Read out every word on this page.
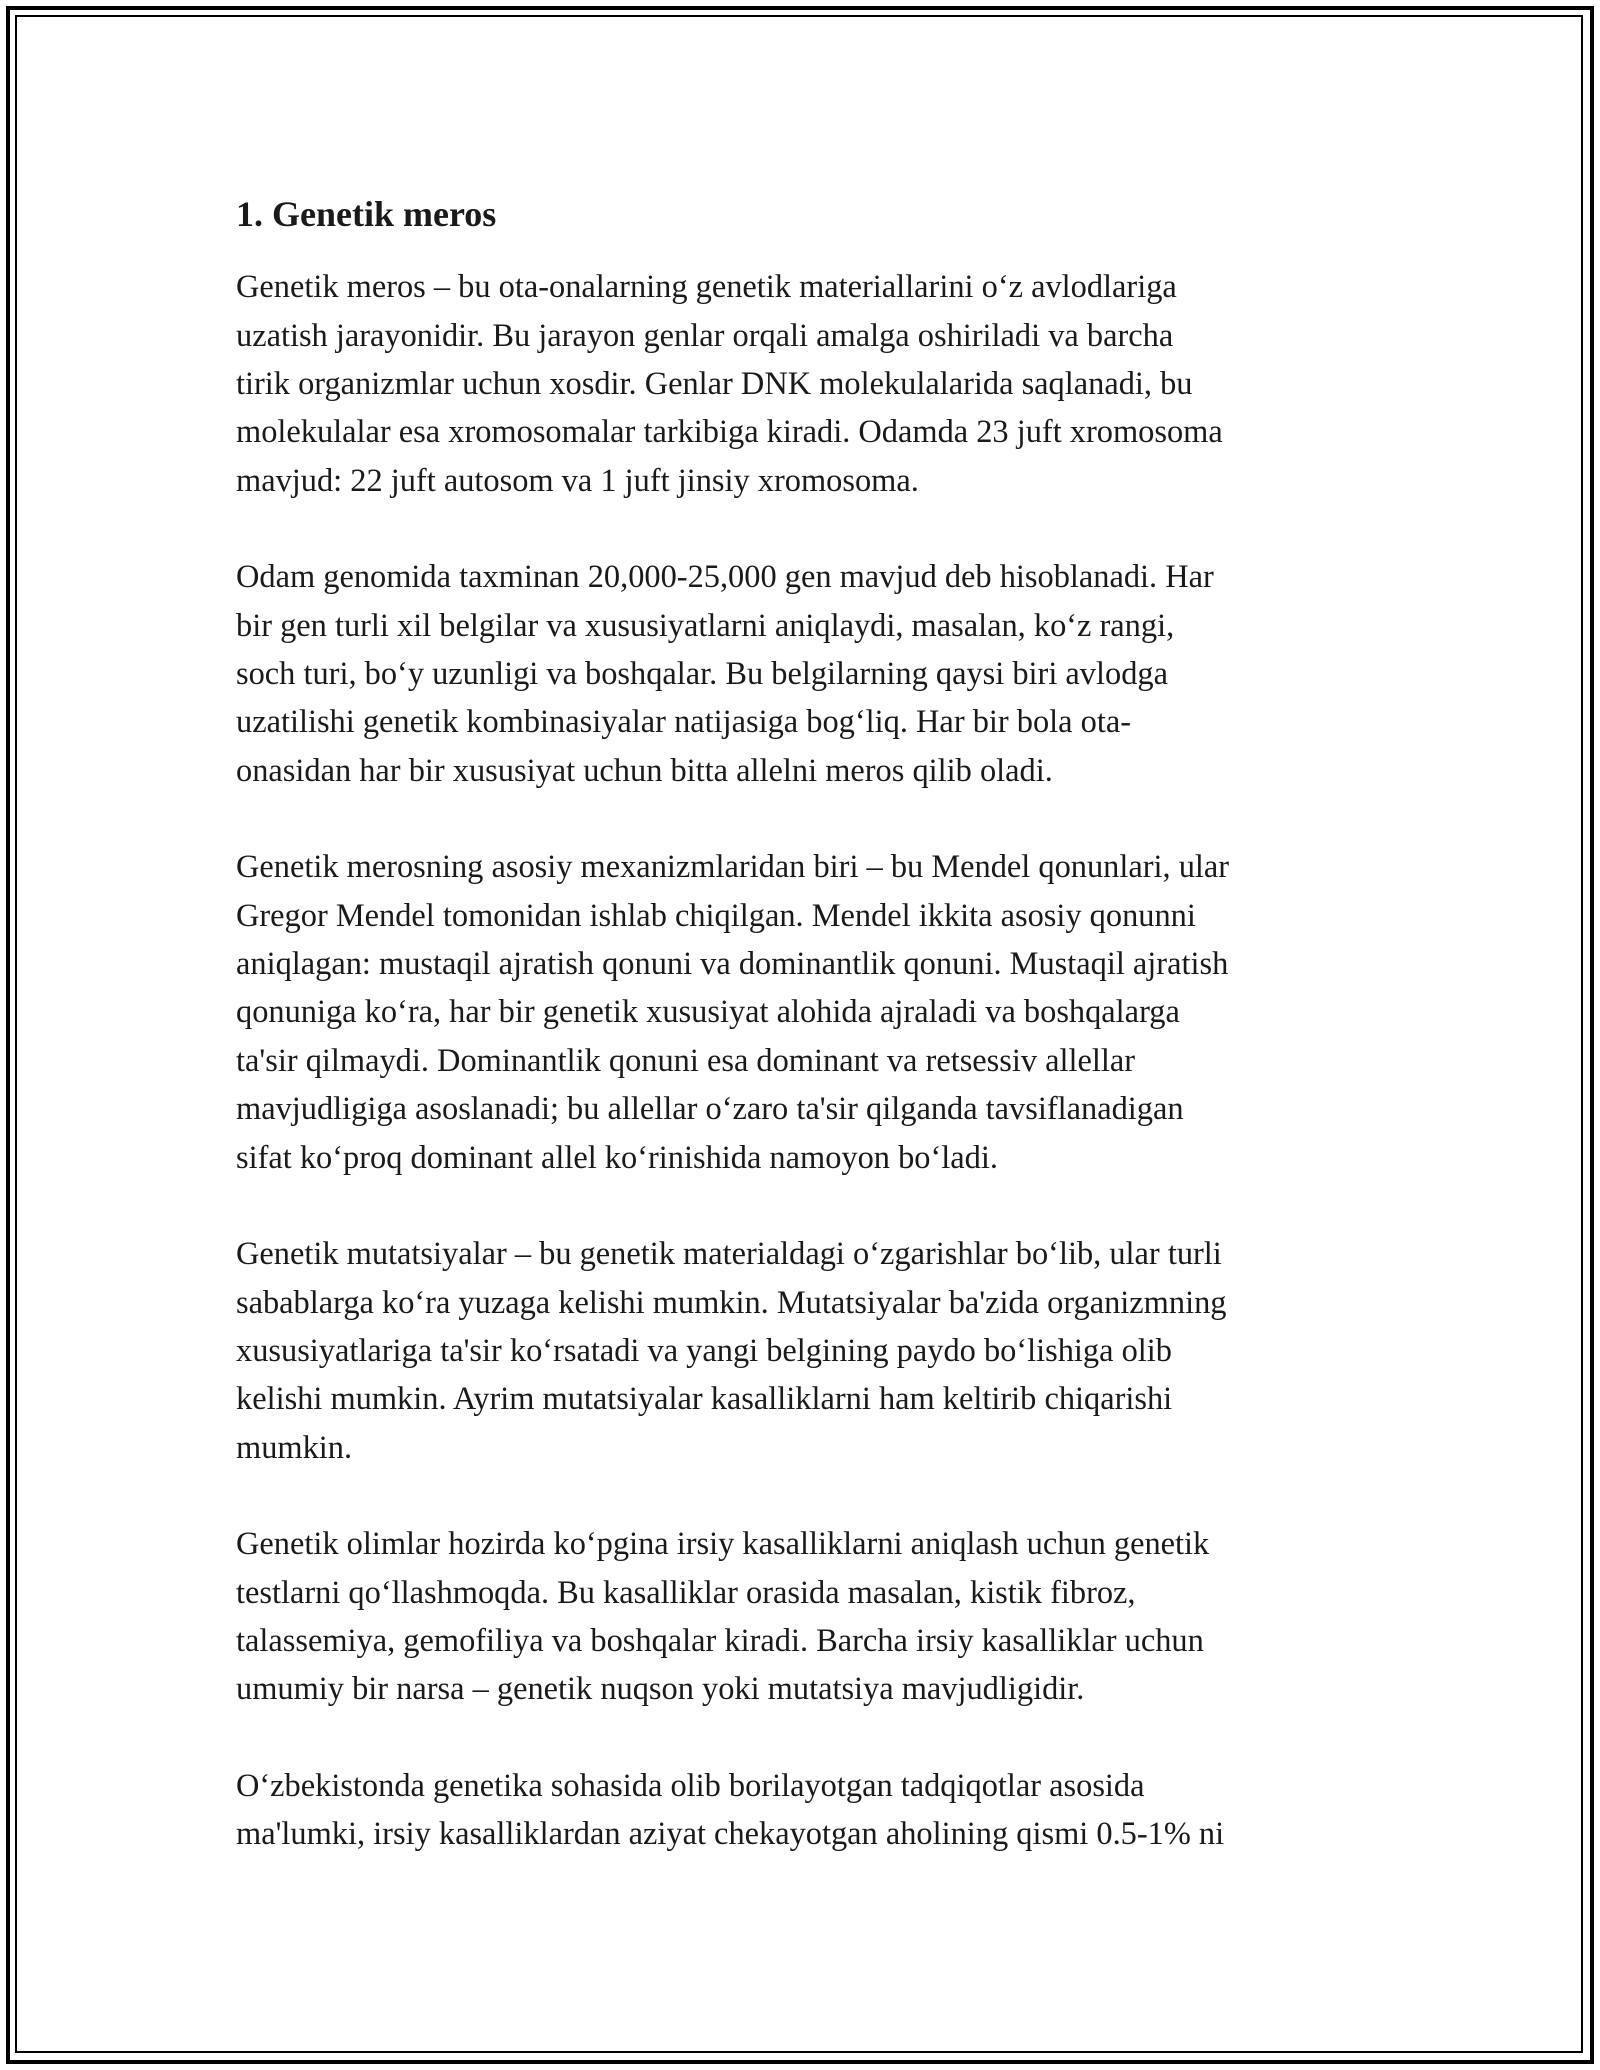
1. Genetik meros

Genetik meros – bu ota-onalarning genetik materiallarini o‘z avlodlariga
uzatish jarayonidir. Bu jarayon genlar orqali amalga oshiriladi va barcha
tirik organizmlar uchun xosdir. Genlar DNK molekulalarida saqlanadi, bu
molekulalar esa xromosomalar tarkibiga kiradi. Odamda 23 juft xromosoma
mavjud: 22 juft autosom va 1 juft jinsiy xromosoma.

Odam genomida taxminan 20,000-25,000 gen mavjud deb hisoblanadi. Har
bir gen turli xil belgilar va xususiyatlarni aniqlaydi, masalan, ko‘z rangi,
soch turi, bo‘y uzunligi va boshqalar. Bu belgilarning qaysi biri avlodga
uzatilishi genetik kombinasiyalar natijasiga bog‘liq. Har bir bola ota-
onasidan har bir xususiyat uchun bitta allelni meros qilib oladi.

Genetik merosning asosiy mexanizmlaridan biri – bu Mendel qonunlari, ular
Gregor Mendel tomonidan ishlab chiqilgan. Mendel ikkita asosiy qonunni
aniqlagan: mustaqil ajratish qonuni va dominantlik qonuni. Mustaqil ajratish
qonuniga ko‘ra, har bir genetik xususiyat alohida ajraladi va boshqalarga
ta'sir qilmaydi. Dominantlik qonuni esa dominant va retsessiv allellar
mavjudligiga asoslanadi; bu allellar o‘zaro ta'sir qilganda tavsiflanadigan
sifat ko‘proq dominant allel ko‘rinishida namoyon bo‘ladi.

Genetik mutatsiyalar – bu genetik materialdagi o‘zgarishlar bo‘lib, ular turli
sabablarga ko‘ra yuzaga kelishi mumkin. Mutatsiyalar ba'zida organizmning
xususiyatlariga ta'sir ko‘rsatadi va yangi belgining paydo bo‘lishiga olib
kelishi mumkin. Ayrim mutatsiyalar kasalliklarni ham keltirib chiqarishi
mumkin.

Genetik olimlar hozirda ko‘pgina irsiy kasalliklarni aniqlash uchun genetik
testlarni qo‘llashmoqda. Bu kasalliklar orasida masalan, kistik fibroz,
talassemiya, gemofiliya va boshqalar kiradi. Barcha irsiy kasalliklar uchun
umumiy bir narsa – genetik nuqson yoki mutatsiya mavjudligidir.

O‘zbekistonda genetika sohasida olib borilayotgan tadqiqotlar asosida
ma'lumki, irsiy kasalliklardan aziyat chekayotgan aholining qismi 0.5-1% ni
